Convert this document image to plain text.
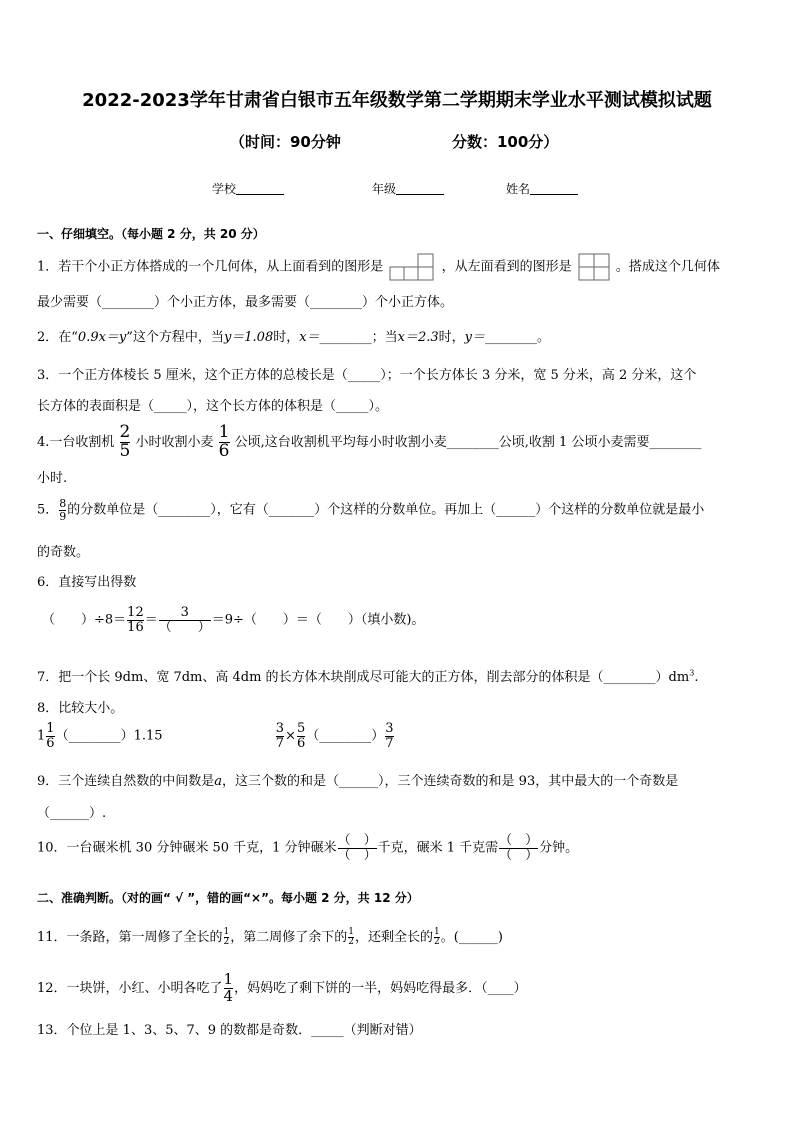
2022-2023学年甘肃省白银市五年级数学第二学期期末学业水平测试模拟试题
（时间：90分钟	分数：100分）
学校	年级	姓名
一、仔细填空。（每小题 2 分，共 20 分）
1．若干个小正方体搭成的一个几何体，从上面看到的图形是	，从左面看到的图形是	。搭成这个几何体
最少需要（________）个小正方体，最多需要（________）个小正方体。
2．在“0.9x＝y”这个方程中，当y＝1.08时，x＝________；当x＝2.3时，y＝________。
3．一个正方体棱长 5 厘米，这个正方体的总棱长是（_____）；一个长方体长 3 分米，宽 5 分米，高 2 分米，这个
长方体的表面积是（_____），这个长方体的体积是（_____）。
4.一台收割机 $\frac{2}{5}$ 小时收割小麦 $\frac{1}{6}$ 公顷,这台收割机平均每小时收割小麦________公顷,收割 1 公顷小麦需要________
小时.
5． $\frac{8}{9}$ 的分数单位是（________），它有（_______）个这样的分数单位。再加上（______）个这样的分数单位就是最小
的奇数。
6．直接写出得数
（　　）$\div 8= \frac{12}{16} = \frac{3}{( )} =9\div$（　　）＝（　　）（填小数)。
7．把一个长 9dm、宽 7dm、高 4dm 的长方体木块削成尽可能大的正方体，削去部分的体积是$(\_\_\_\_\_\_\_\_)dm^3$.
8．比较大小。
$1 \frac{1}{6}$ （________）1.15	$\frac{3}{7} \times \frac{5}{6}$ （________） $\frac{3}{7}$
9．三个连续自然数的中间数是a，这三个数的和是（______），三个连续奇数的和是 93，其中最大的一个奇数是
（______）.
10．一台碾米机 30 分钟碾米 50 千克，1 分钟碾米 $\frac{( )}{( )}$ 千克，碾米 1 千克需 $\frac{( )}{( )}$ 分钟。
二、准确判断。（对的画“ √ ”，错的画“×”。每小题 2 分，共 12 分）
11．一条路，第一周修了全长的 $\frac{1}{2}$ ，第二周修了余下的 $\frac{1}{2}$ ，还剩全长的 $\frac{1}{2}$ 。(______)
12．一块饼，小红、小明各吃了 $\frac{1}{4}$ ，妈妈吃了剩下饼的一半，妈妈吃得最多．（____）
13．个位上是 1、3、5、7、9 的数都是奇数．_____（判断对错）
